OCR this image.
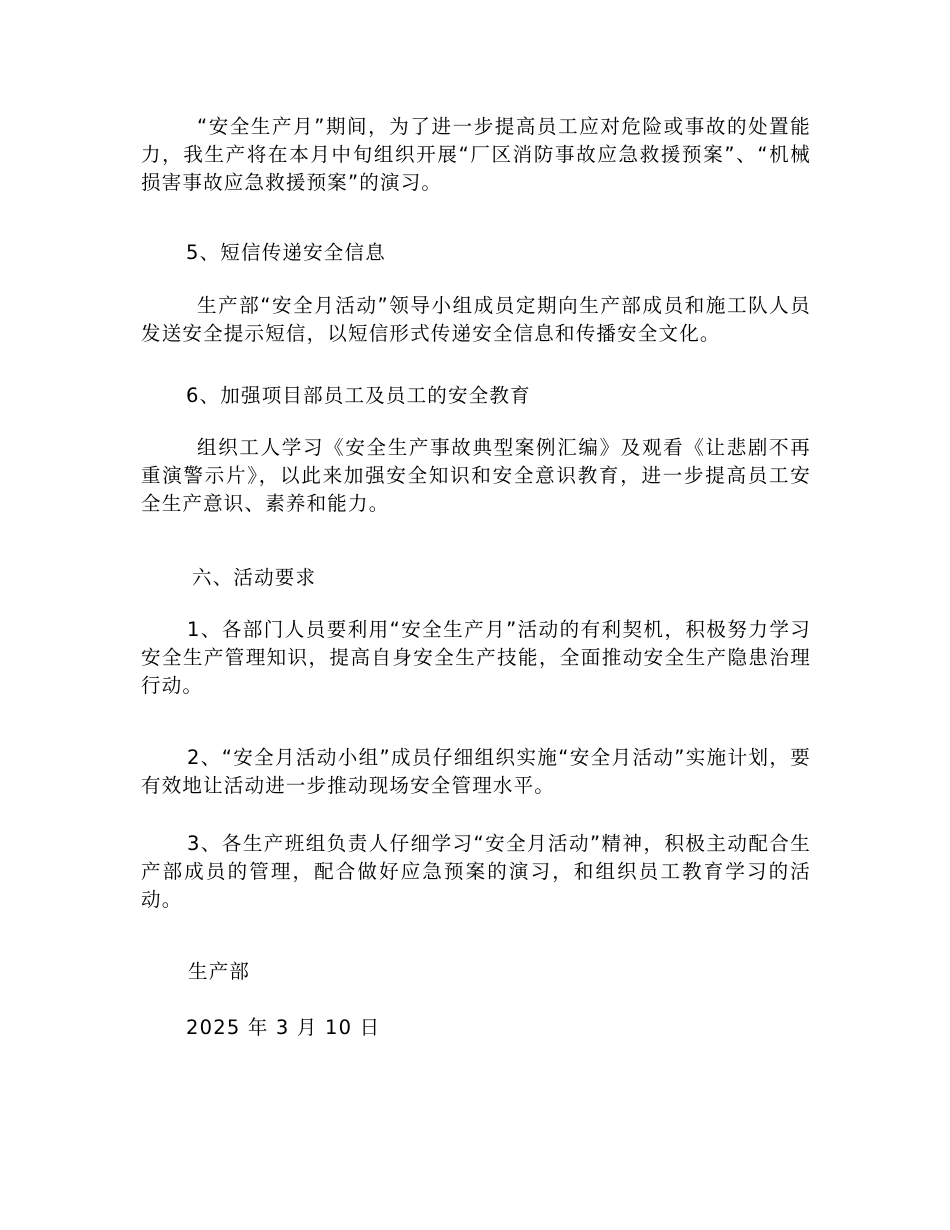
“安全生产月”期间，为了进一步提高员工应对危险或事故的处置能力，我生产将在本月中旬组织开展“厂区消防事故应急救援预案”、“机械损害事故应急救援预案”的演习。

5、短信传递安全信息

生产部“安全月活动”领导小组成员定期向生产部成员和施工队人员发送安全提示短信，以短信形式传递安全信息和传播安全文化。

6、加强项目部员工及员工的安全教育

组织工人学习《安全生产事故典型案例汇编》及观看《让悲剧不再重演警示片》，以此来加强安全知识和安全意识教育，进一步提高员工安全生产意识、素养和能力。

六、活动要求

1、各部门人员要利用“安全生产月”活动的有利契机，积极努力学习安全生产管理知识，提高自身安全生产技能，全面推动安全生产隐患治理行动。

2、“安全月活动小组”成员仔细组织实施“安全月活动”实施计划，要有效地让活动进一步推动现场安全管理水平。

3、各生产班组负责人仔细学习“安全月活动”精神，积极主动配合生产部成员的管理，配合做好应急预案的演习，和组织员工教育学习的活动。

生产部

2025 年 3 月 10 日
